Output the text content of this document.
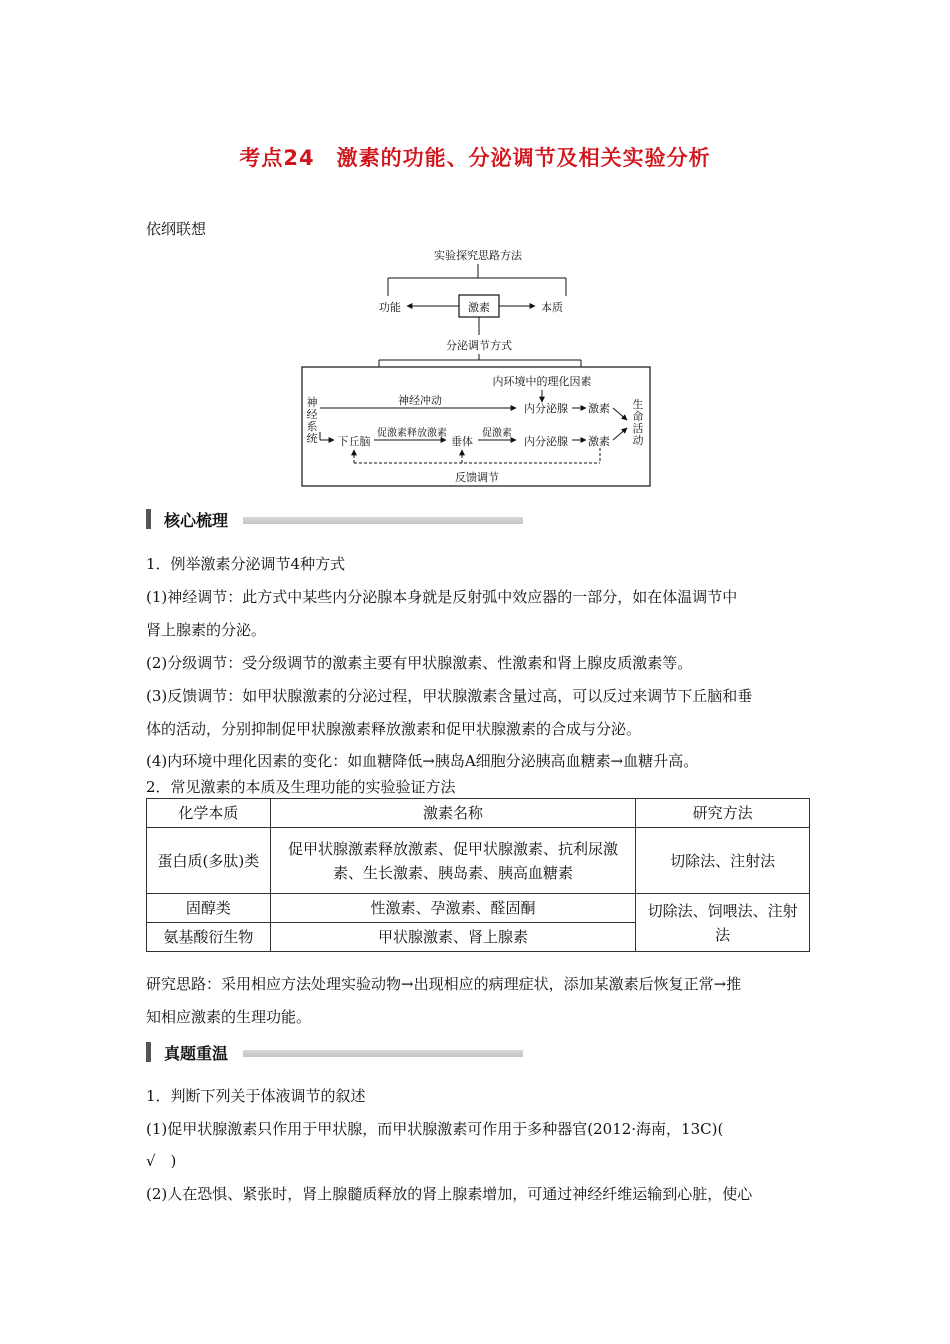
考点24 激素的功能、分泌调节及相关实验分析
依纲联想
实验探究思路方法
功能	本质
激素
分泌调节方式
内环境中的理化因素
神
经
系
统
神经冲动
内分泌腺 激素
下丘脑
促激素释放激素
垂体
促激素
内分泌腺 激素
生
命
活
动
反馈调节
核心梳理
1．例举激素分泌调节4种方式
(1)神经调节：此方式中某些内分泌腺本身就是反射弧中效应器的一部分，如在体温调节中
肾上腺素的分泌。
(2)分级调节：受分级调节的激素主要有甲状腺激素、性激素和肾上腺皮质激素等。
(3)反馈调节：如甲状腺激素的分泌过程，甲状腺激素含量过高，可以反过来调节下丘脑和垂
体的活动，分别抑制促甲状腺激素释放激素和促甲状腺激素的合成与分泌。
(4)内环境中理化因素的变化：如血糖降低→胰岛A细胞分泌胰高血糖素→血糖升高。
2．常见激素的本质及生理功能的实验验证方法
化学本质	激素名称	研究方法
蛋白质(多肽)类	促甲状腺激素释放激素、促甲状腺激素、抗利尿激素、生长激素、胰岛素、胰高血糖素	切除法、注射法
固醇类	性激素、孕激素、醛固酮	切除法、饲喂法、注射法
氨基酸衍生物	甲状腺激素、肾上腺素	
研究思路：采用相应方法处理实验动物→出现相应的病理症状，添加某激素后恢复正常→推
知相应激素的生理功能。
真题重温
1．判断下列关于体液调节的叙述
(1)促甲状腺激素只作用于甲状腺，而甲状腺激素可作用于多种器官(2012·海南，13C)(
√　)
(2)人在恐惧、紧张时，肾上腺髓质释放的肾上腺素增加，可通过神经纤维运输到心脏，使心
